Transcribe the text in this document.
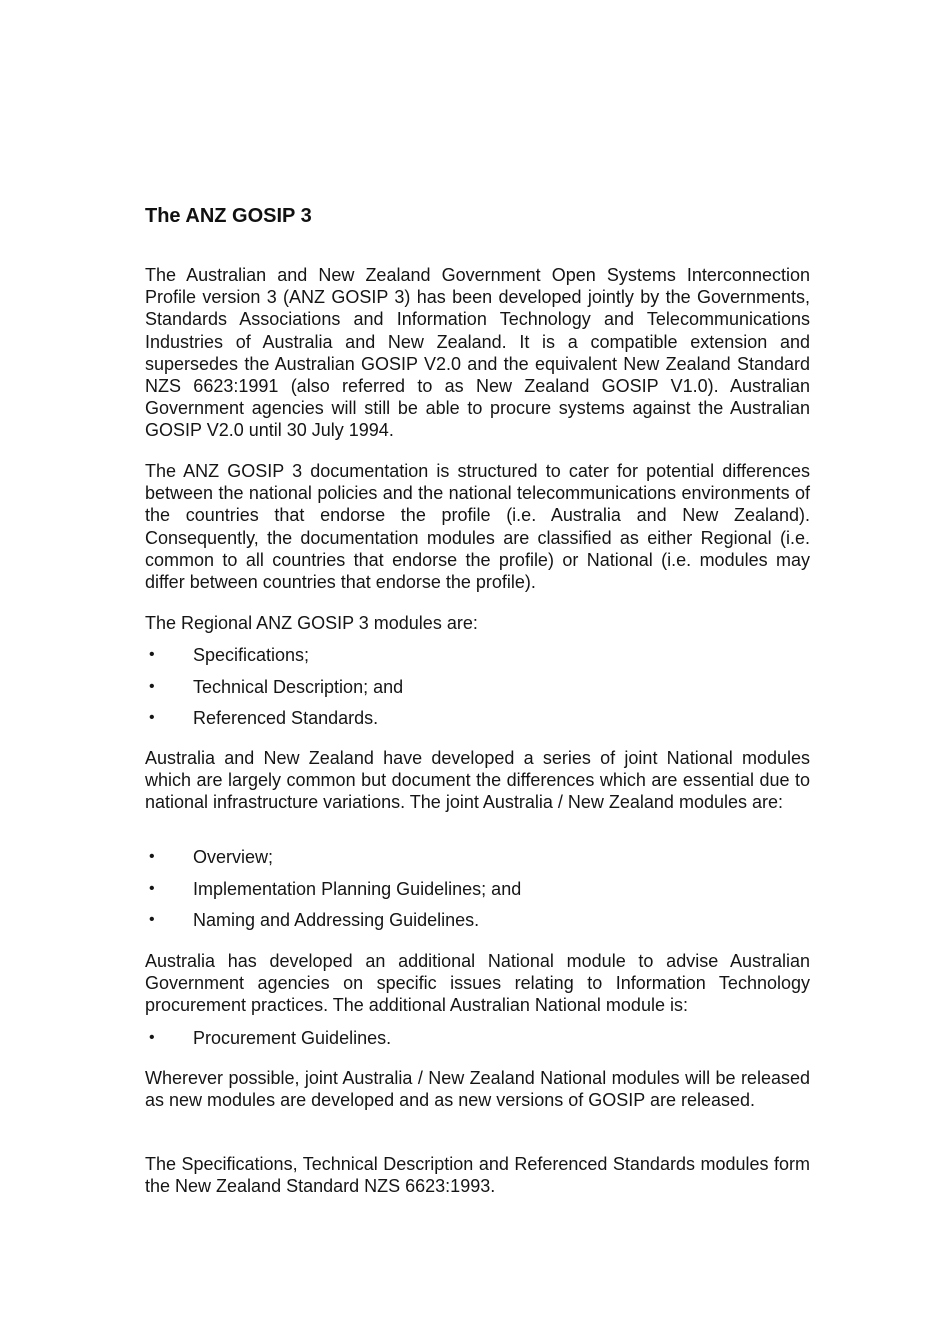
The ANZ GOSIP 3

The Australian and New Zealand Government Open Systems Interconnection Profile version 3 (ANZ GOSIP 3) has been developed jointly by the Governments, Standards Associations and Information Technology and Telecommunications Industries of Australia and New Zealand. It is a compatible extension and supersedes the Australian GOSIP V2.0 and the equivalent New Zealand Standard NZS 6623:1991 (also referred to as New Zealand GOSIP V1.0). Australian Government agencies will still be able to procure systems against the Australian GOSIP V2.0 until 30 July 1994.

The ANZ GOSIP 3 documentation is structured to cater for potential differences between the national policies and the national telecommunications environments of the countries that endorse the profile (i.e. Australia and New Zealand). Consequently, the documentation modules are classified as either Regional (i.e. common to all countries that endorse the profile) or National (i.e. modules may differ between countries that endorse the profile).

The Regional ANZ GOSIP 3 modules are:

• Specifications;
• Technical Description; and
• Referenced Standards.

Australia and New Zealand have developed a series of joint National modules which are largely common but document the differences which are essential due to national infrastructure variations. The joint Australia / New Zealand modules are:

• Overview;
• Implementation Planning Guidelines; and
• Naming and Addressing Guidelines.

Australia has developed an additional National module to advise Australian Government agencies on specific issues relating to Information Technology procurement practices. The additional Australian National module is:

• Procurement Guidelines.

Wherever possible, joint Australia / New Zealand National modules will be released as new modules are developed and as new versions of GOSIP are released.

The Specifications, Technical Description and Referenced Standards modules form the New Zealand Standard NZS 6623:1993.
